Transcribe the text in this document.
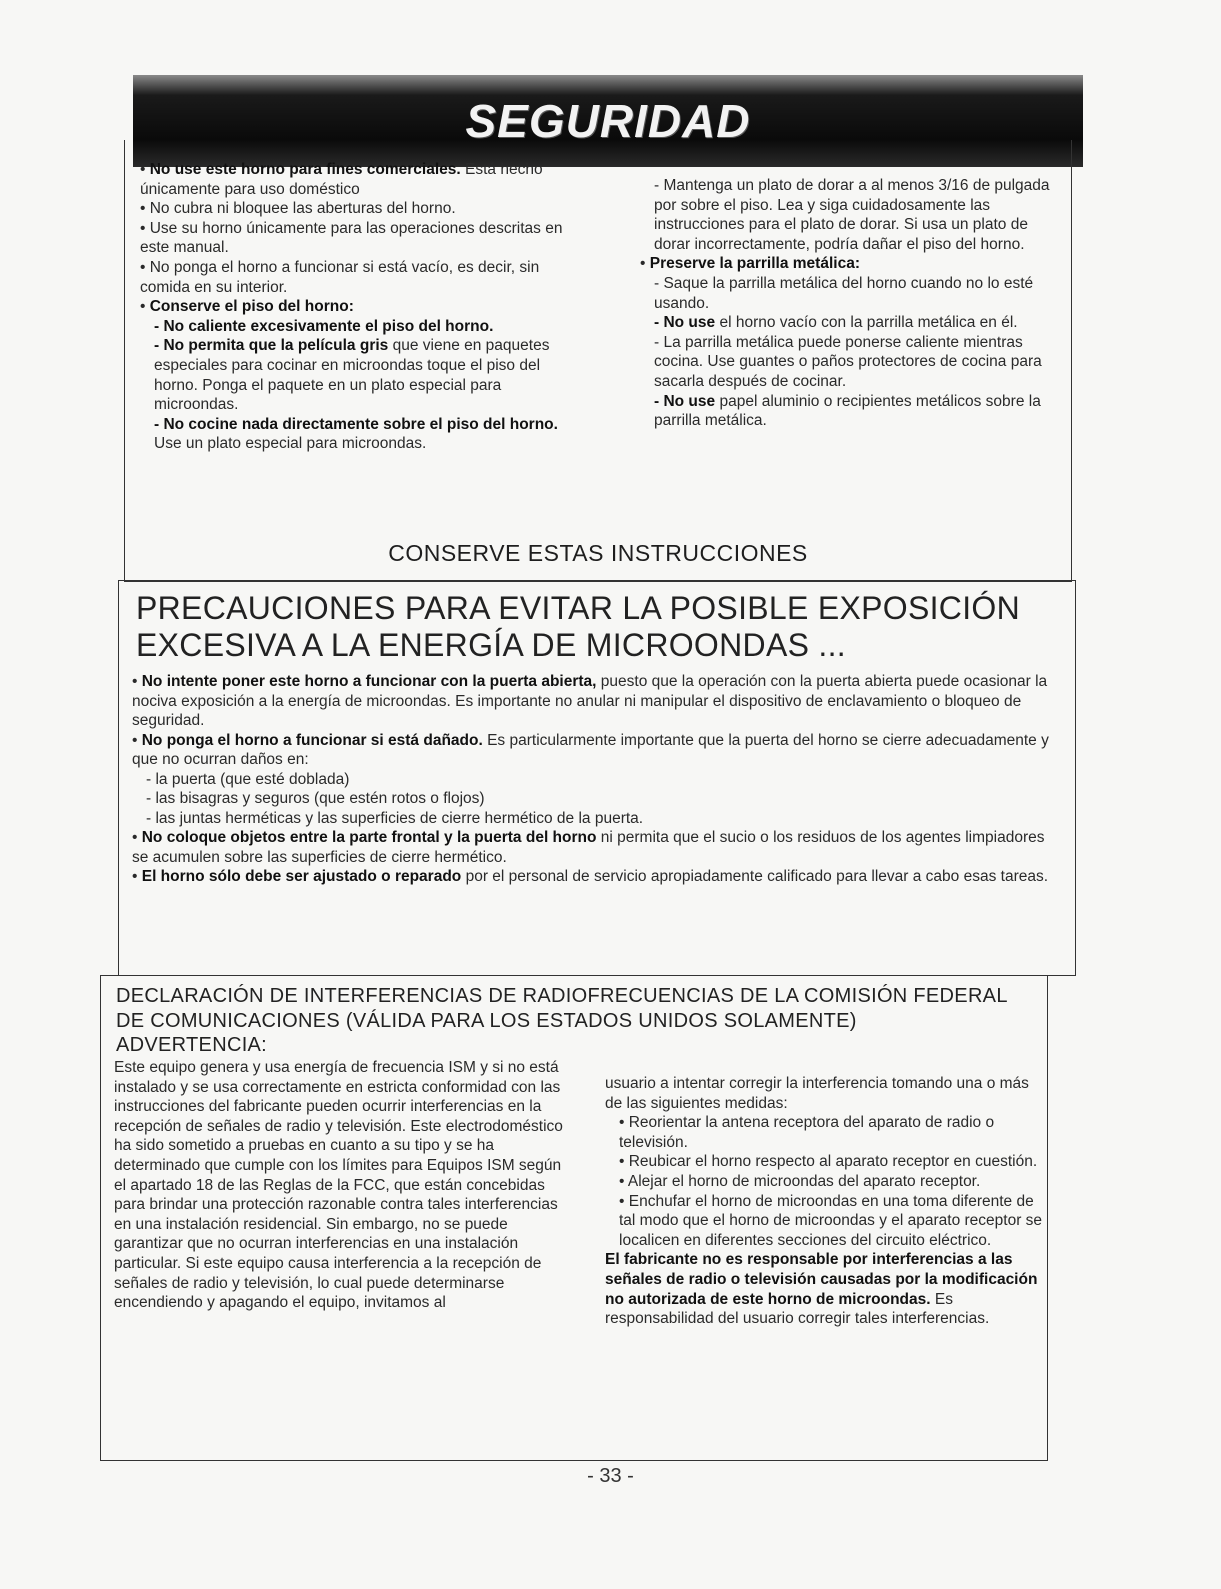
SEGURIDAD

• No use este horno para fines comerciales. Está hecho únicamente para uso doméstico

• No cubra ni bloquee las aberturas del horno.

• Use su horno únicamente para las operaciones descritas en este manual.

• No ponga el horno a funcionar si está vacío, es decir, sin comida en su interior.

• Conserve el piso del horno:

- No caliente excesivamente el piso del horno.

- No permita que la película gris que viene en paquetes especiales para cocinar en microondas toque el piso del horno. Ponga el paquete en un plato especial para microondas.

- No cocine nada directamente sobre el piso del horno. Use un plato especial para microondas.

- Mantenga un plato de dorar a al menos 3/16 de pulgada por sobre el piso. Lea y siga cuidadosamente las instrucciones para el plato de dorar. Si usa un plato de dorar incorrectamente, podría dañar el piso del horno.

• Preserve la parrilla metálica:

- Saque la parrilla metálica del horno cuando no lo esté usando.

- No use el horno vacío con la parrilla metálica en él.

- La parrilla metálica puede ponerse caliente mientras cocina. Use guantes o paños protectores de cocina para sacarla después de cocinar.

- No use papel aluminio o recipientes metálicos sobre la parrilla metálica.

CONSERVE ESTAS INSTRUCCIONES
PRECAUCIONES PARA EVITAR LA POSIBLE EXPOSICIÓN
EXCESIVA A LA ENERGÍA DE MICROONDAS ...

• No intente poner este horno a funcionar con la puerta abierta, puesto que la operación con la puerta abierta puede ocasionar la nociva exposición a la energía de microondas. Es importante no anular ni manipular el dispositivo de enclavamiento o bloqueo de seguridad.

• No ponga el horno a funcionar si está dañado. Es particularmente importante que la puerta del horno se cierre adecuadamente y que no ocurran daños en:

- la puerta (que esté doblada)

- las bisagras y seguros (que estén rotos o flojos)

- las juntas herméticas y las superficies de cierre hermético de la puerta.

• No coloque objetos entre la parte frontal y la puerta del horno ni permita que el sucio o los residuos de los agentes limpiadores se acumulen sobre las superficies de cierre hermético.

• El horno sólo debe ser ajustado o reparado por el personal de servicio apropiadamente calificado para llevar a cabo esas tareas.

DECLARACIÓN DE INTERFERENCIAS DE RADIOFRECUENCIAS DE LA COMISIÓN FEDERAL
DE COMUNICACIONES (VÁLIDA PARA LOS ESTADOS UNIDOS SOLAMENTE)
ADVERTENCIA:

Este equipo genera y usa energía de frecuencia ISM y si no está instalado y se usa correctamente en estricta conformidad con las instrucciones del fabricante pueden ocurrir interferencias en la recepción de señales de radio y televisión. Este electrodoméstico ha sido sometido a pruebas en cuanto a su tipo y se ha determinado que cumple con los límites para Equipos ISM según el apartado 18 de las Reglas de la FCC, que están concebidas para brindar una protección razonable contra tales interferencias en una instalación residencial. Sin embargo, no se puede garantizar que no ocurran interferencias en una instalación particular. Si este equipo causa interferencia a la recepción de señales de radio y televisión, lo cual puede determinarse encendiendo y apagando el equipo, invitamos al

usuario a intentar corregir la interferencia tomando una o más de las siguientes medidas:

• Reorientar la antena receptora del aparato de radio o televisión.

• Reubicar el horno respecto al aparato receptor en cuestión.

• Alejar el horno de microondas del aparato receptor.

• Enchufar el horno de microondas en una toma diferente de tal modo que el horno de microondas y el aparato receptor se localicen en diferentes secciones del circuito eléctrico.

El fabricante no es responsable por interferencias a las señales de radio o televisión causadas por la modificación no autorizada de este horno de microondas. Es responsabilidad del usuario corregir tales interferencias.

- 33 -
